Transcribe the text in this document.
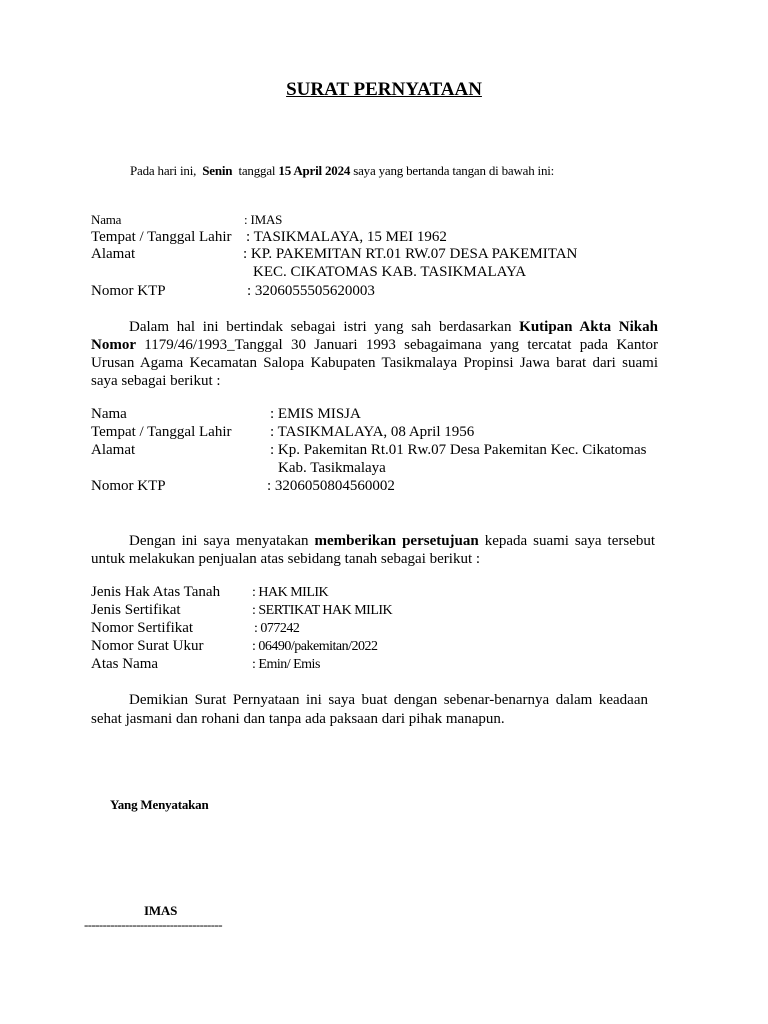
SURAT PERNYATAAN
Pada hari ini, Senin tanggal 15 April 2024 saya yang bertanda tangan di bawah ini:
Nama	: IMAS
Tempat / Tanggal Lahir : TASIKMALAYA, 15 MEI 1962
Alamat	: KP. PAKEMITAN RT.01 RW.07 DESA PAKEMITAN
KEC. CIKATOMAS KAB. TASIKMALAYA
Nomor KTP	: 3206055505620003
Dalam hal ini bertindak sebagai istri yang sah berdasarkan Kutipan Akta Nikah Nomor 1179/46/1993_Tanggal 30 Januari 1993 sebagaimana yang tercatat pada Kantor Urusan Agama Kecamatan Salopa Kabupaten Tasikmalaya Propinsi Jawa barat dari suami saya sebagai berikut :
Nama	: EMIS MISJA
Tempat / Tanggal Lahir	: TASIKMALAYA, 08 April 1956
Alamat	: Kp. Pakemitan Rt.01 Rw.07 Desa Pakemitan Kec. Cikatomas
Kab. Tasikmalaya
Nomor KTP	: 3206050804560002
Dengan ini saya menyatakan memberikan persetujuan kepada suami saya tersebut untuk melakukan penjualan atas sebidang tanah sebagai berikut :
Jenis Hak Atas Tanah : HAK MILIK
Jenis Sertifikat	: SERTIKAT HAK MILIK
Nomor Sertifikat	: 077242
Nomor Surat Ukur	: 06490/pakemitan/2022
Atas Nama	: Emin/ Emis
Demikian Surat Pernyataan ini saya buat dengan sebenar-benarnya dalam keadaan sehat jasmani dan rohani dan tanpa ada paksaan dari pihak manapun.
Yang Menyatakan
IMAS
-------------------------------------
